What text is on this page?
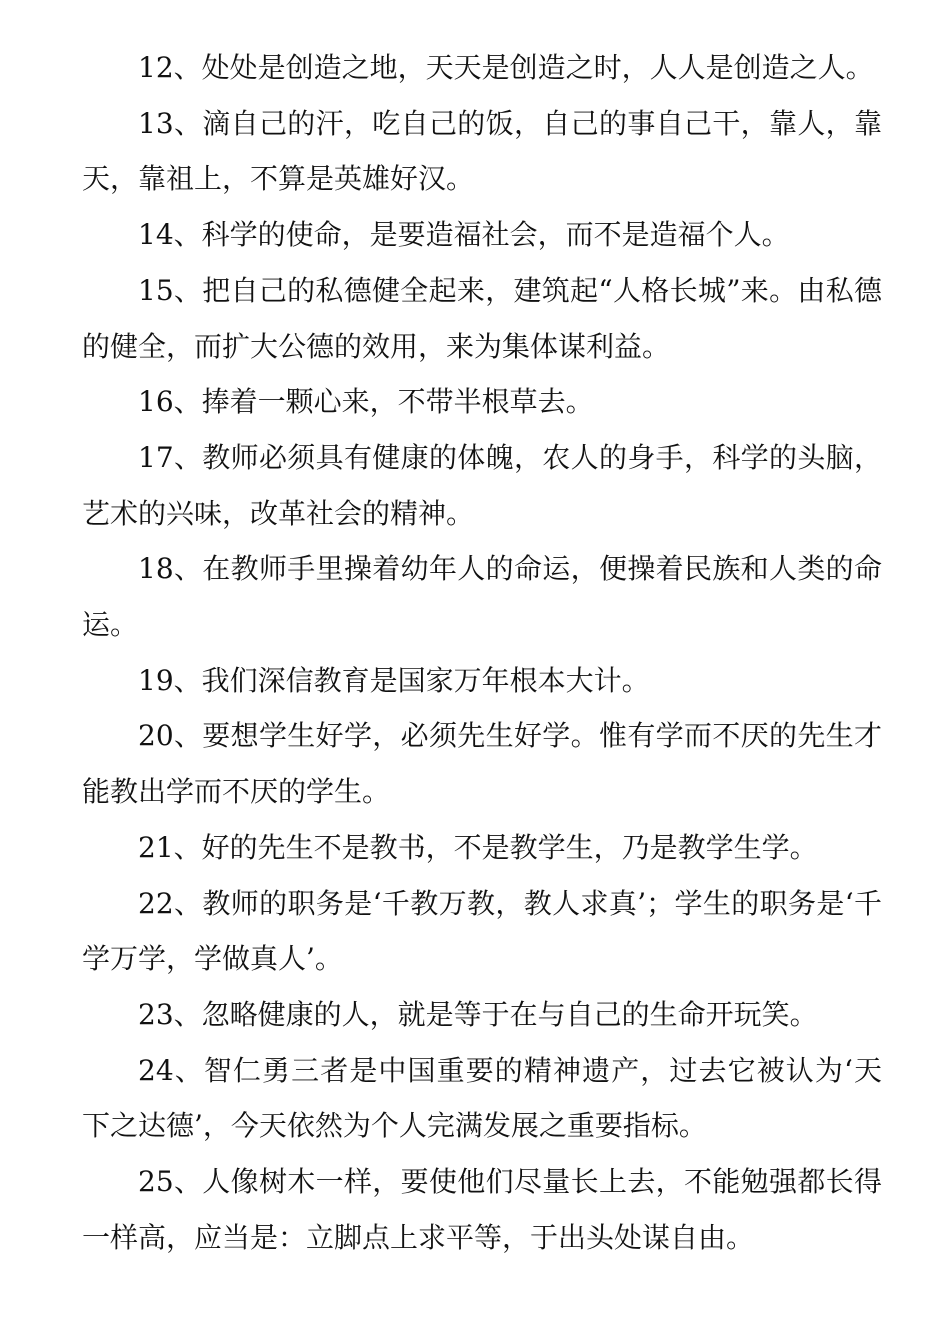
12、处处是创造之地，天天是创造之时，人人是创造之人。

13、滴自己的汗，吃自己的饭，自己的事自己干，靠人，靠天，靠祖上，不算是英雄好汉。

14、科学的使命，是要造福社会，而不是造福个人。

15、把自己的私德健全起来，建筑起“人格长城”来。由私德的健全，而扩大公德的效用，来为集体谋利益。

16、捧着一颗心来，不带半根草去。

17、教师必须具有健康的体魄，农人的身手，科学的头脑，艺术的兴味，改革社会的精神。

18、在教师手里操着幼年人的命运，便操着民族和人类的命运。

19、我们深信教育是国家万年根本大计。

20、要想学生好学，必须先生好学。惟有学而不厌的先生才能教出学而不厌的学生。

21、好的先生不是教书，不是教学生，乃是教学生学。

22、教师的职务是‘千教万教，教人求真’；学生的职务是‘千学万学，学做真人’。

23、忽略健康的人，就是等于在与自己的生命开玩笑。

24、智仁勇三者是中国重要的精神遗产，过去它被认为‘天下之达德’，今天依然为个人完满发展之重要指标。

25、人像树木一样，要使他们尽量长上去，不能勉强都长得一样高，应当是：立脚点上求平等，于出头处谋自由。
